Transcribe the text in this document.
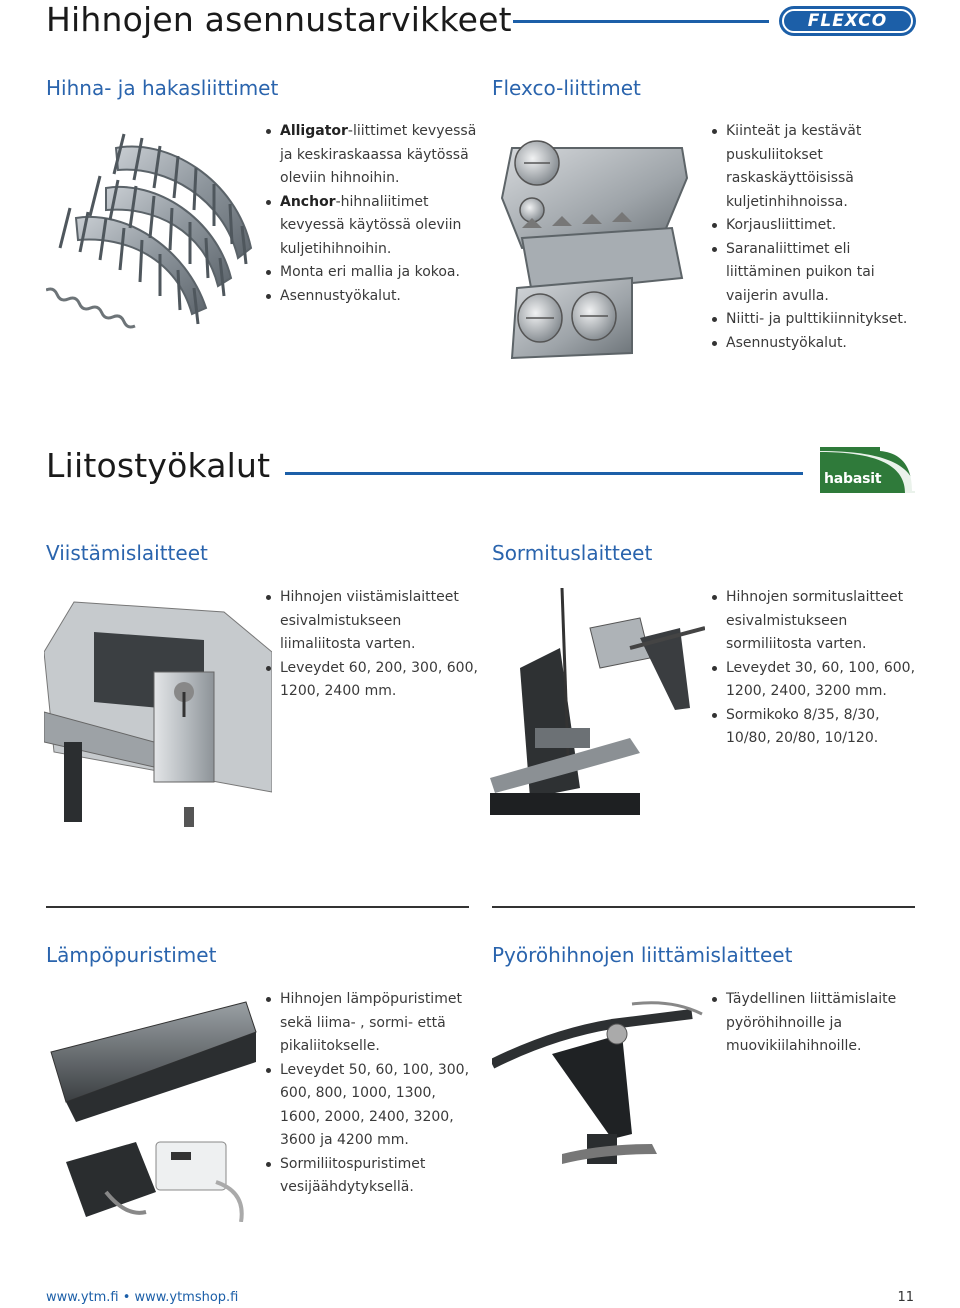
Hihnojen asennustarvikkeet	FLEXCO
Hihna- ja hakasliittimet
Alligator-liittimet kevyessä ja keskiraskaassa käytössä oleviin hihnoihin.
Anchor-hihnaliitimet kevyessä käytössä oleviin kuljetihihnoihin.
Monta eri mallia ja kokoa.
Asennustyökalut.
Flexco-liittimet
Kiinteät ja kestävät puskuliitokset raskaskäyttöisissä kuljetinhihnoissa.
Korjausliittimet.
Saranaliittimet eli liittäminen puikon tai vaijerin avulla.
Niitti- ja pulttikiinnitykset.
Asennustyökalut.
Liitostyökalut	habasit
Viistämislaitteet
Hihnojen viistämislaitteet esivalmistukseen liimaliitosta varten.
Leveydet 60, 200, 300, 600, 1200, 2400 mm.
Sormituslaitteet
Hihnojen sormituslaitteet esivalmistukseen sormiliitosta varten.
Leveydet 30, 60, 100, 600, 1200, 2400, 3200 mm.
Sormikoko 8/35, 8/30, 10/80, 20/80, 10/120.
Lämpöpuristimet
Hihnojen lämpöpuristimet sekä liima- , sormi- että pikaliitokselle.
Leveydet 50, 60, 100, 300, 600, 800, 1000, 1300, 1600, 2000, 2400, 3200, 3600 ja 4200 mm.
Sormiliitospuristimet vesijäähdytyksellä.
Pyöröhihnojen liittämislaitteet
Täydellinen liittämislaite pyöröhihnoille ja muovikiilahihnoille.
www.ytm.fi • www.ytmshop.fi	11
